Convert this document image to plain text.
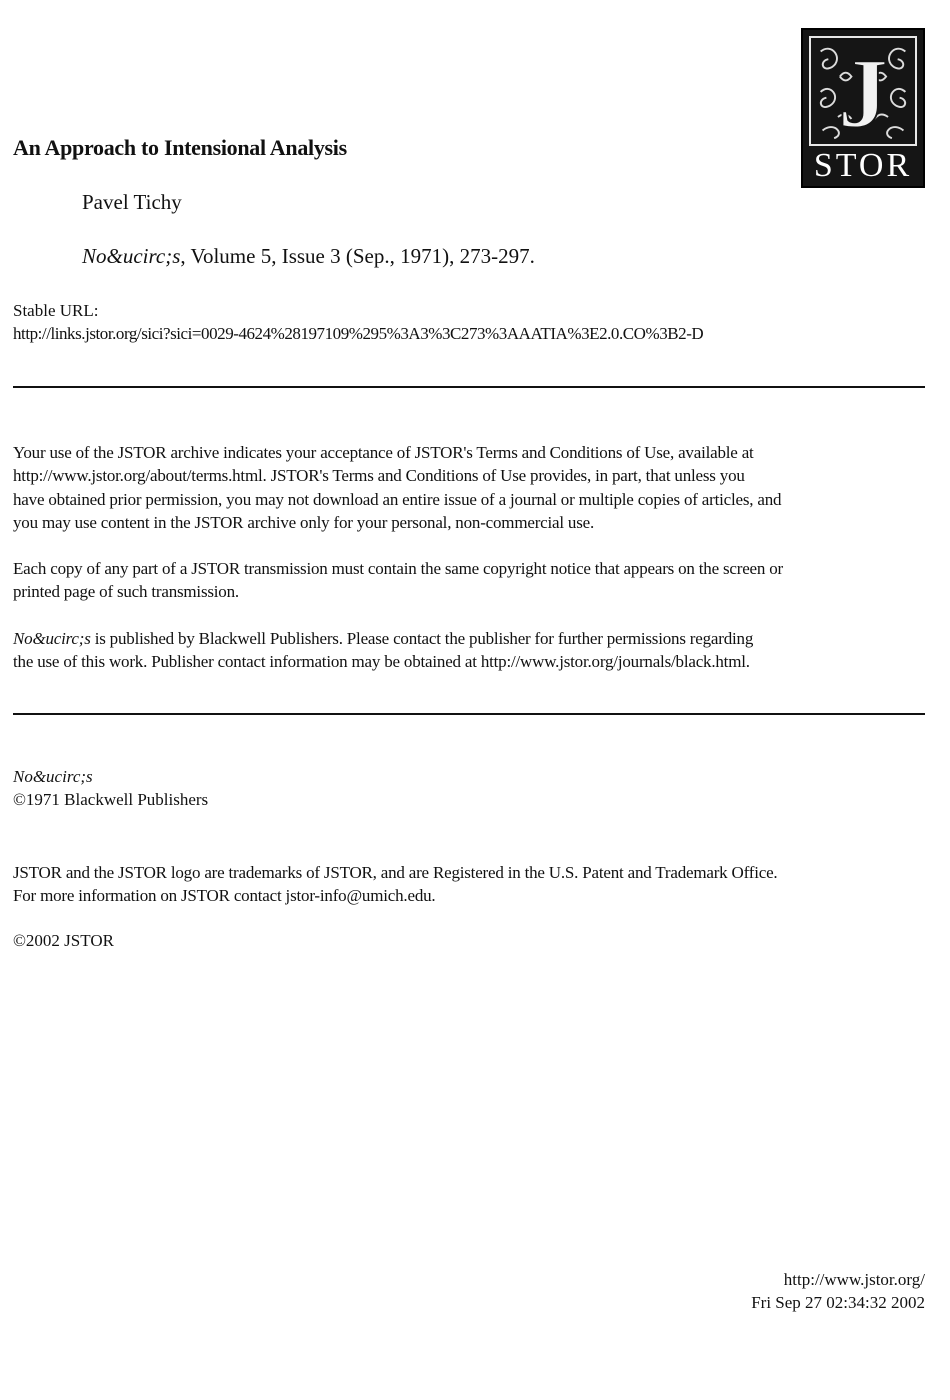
J
STOR
An Approach to Intensional Analysis
Pavel Tichy
No&ucirc;s, Volume 5, Issue 3 (Sep., 1971), 273-297.
Stable URL:
http://links.jstor.org/sici?sici=0029-4624%28197109%295%3A3%3C273%3AAATIA%3E2.0.CO%3B2-D
Your use of the JSTOR archive indicates your acceptance of JSTOR's Terms and Conditions of Use, available at
http://www.jstor.org/about/terms.html. JSTOR's Terms and Conditions of Use provides, in part, that unless you
have obtained prior permission, you may not download an entire issue of a journal or multiple copies of articles, and
you may use content in the JSTOR archive only for your personal, non-commercial use.
Each copy of any part of a JSTOR transmission must contain the same copyright notice that appears on the screen or
printed page of such transmission.
No&ucirc;s is published by Blackwell Publishers. Please contact the publisher for further permissions regarding
the use of this work. Publisher contact information may be obtained at http://www.jstor.org/journals/black.html.
No&ucirc;s
©1971 Blackwell Publishers
JSTOR and the JSTOR logo are trademarks of JSTOR, and are Registered in the U.S. Patent and Trademark Office.
For more information on JSTOR contact jstor-info@umich.edu.
©2002 JSTOR
http://www.jstor.org/
Fri Sep 27 02:34:32 2002
